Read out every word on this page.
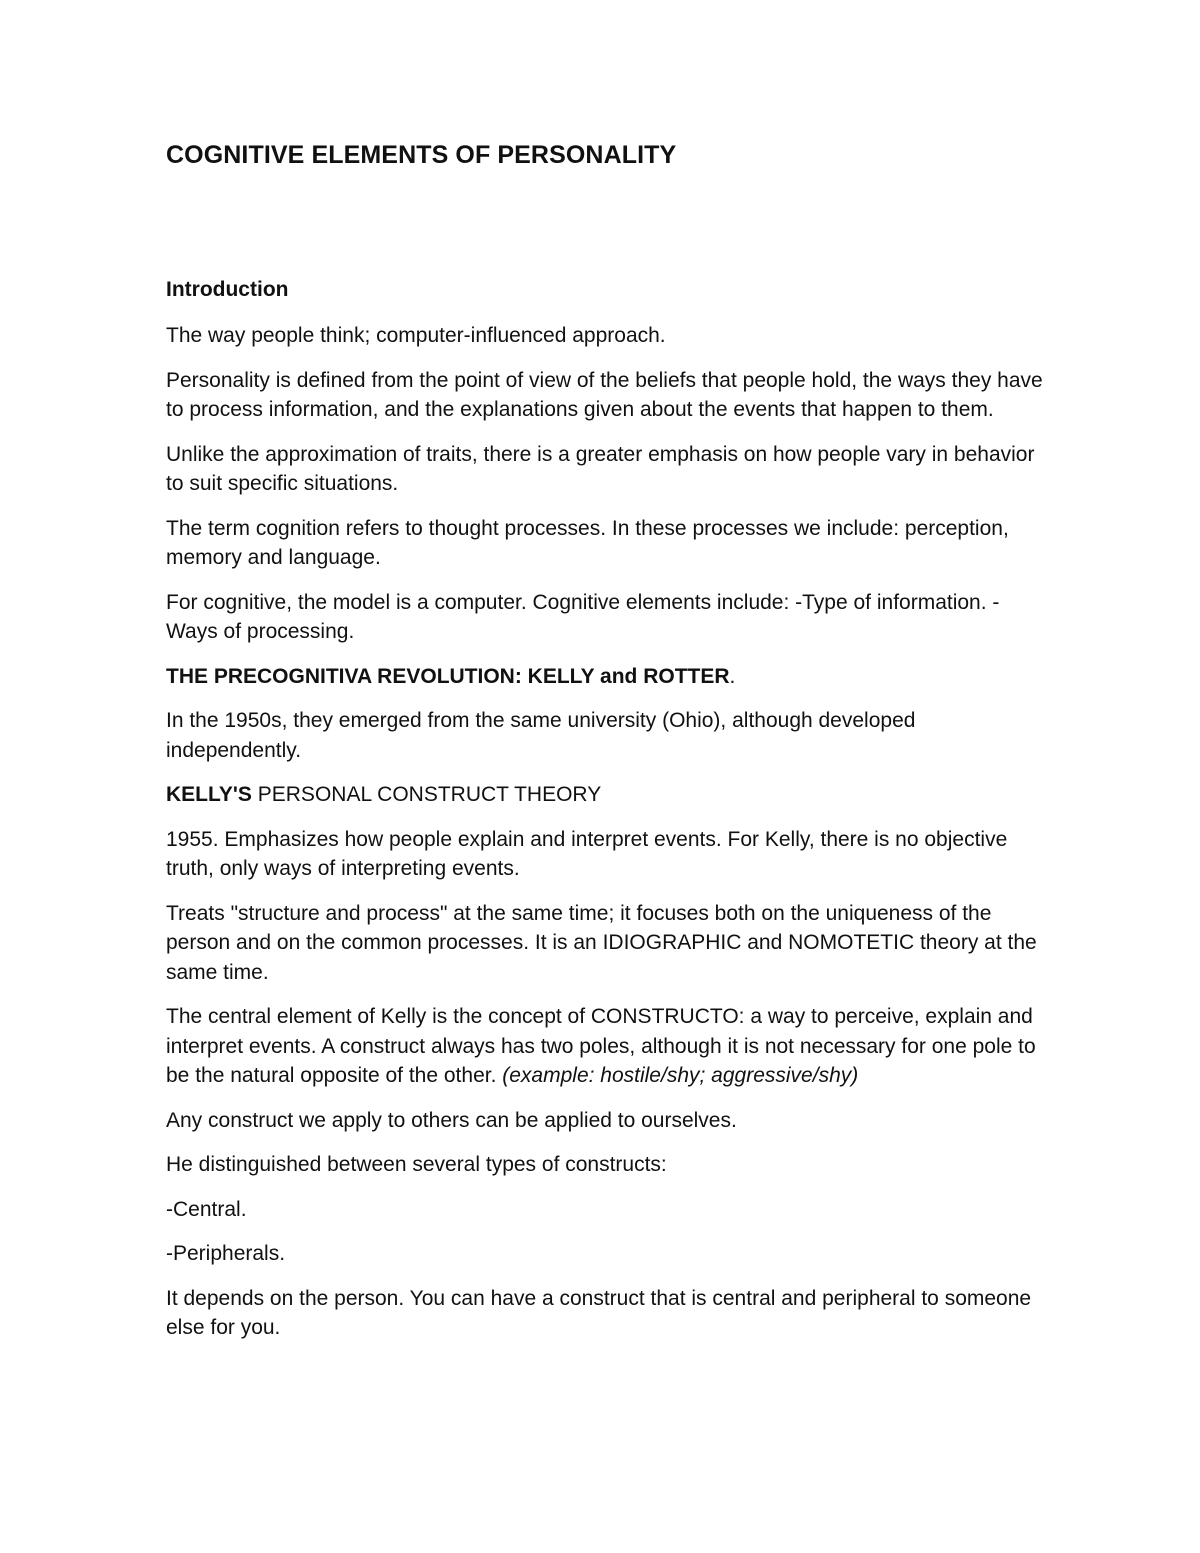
COGNITIVE ELEMENTS OF PERSONALITY
Introduction

The way people think; computer-influenced approach.

Personality is defined from the point of view of the beliefs that people hold, the ways they have to process information, and the explanations given about the events that happen to them.

Unlike the approximation of traits, there is a greater emphasis on how people vary in behavior to suit specific situations.

The term cognition refers to thought processes. In these processes we include: perception, memory and language.

For cognitive, the model is a computer. Cognitive elements include: -Type of information. -Ways of processing.

THE PRECOGNITIVA REVOLUTION: KELLY and ROTTER.

In the 1950s, they emerged from the same university (Ohio), although developed independently.

KELLY'S PERSONAL CONSTRUCT THEORY

1955. Emphasizes how people explain and interpret events. For Kelly, there is no objective truth, only ways of interpreting events.

Treats "structure and process" at the same time; it focuses both on the uniqueness of the person and on the common processes. It is an IDIOGRAPHIC and NOMOTETIC theory at the same time.

The central element of Kelly is the concept of CONSTRUCTO: a way to perceive, explain and interpret events. A construct always has two poles, although it is not necessary for one pole to be the natural opposite of the other. (example: hostile/shy; aggressive/shy)

Any construct we apply to others can be applied to ourselves.

He distinguished between several types of constructs:

-Central.

-Peripherals.

It depends on the person. You can have a construct that is central and peripheral to someone else for you.
